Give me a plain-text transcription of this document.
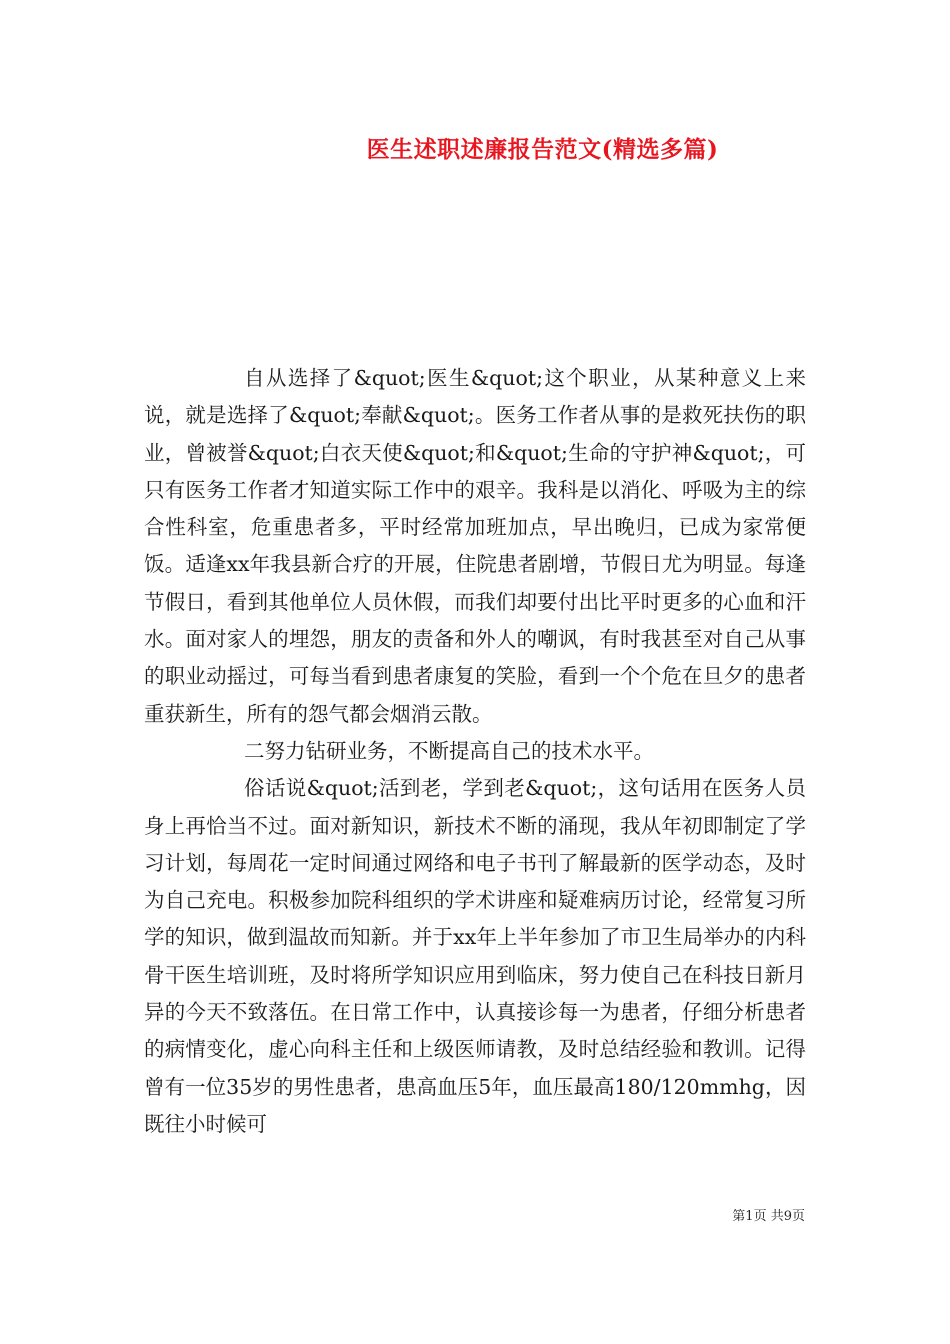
医生述职述廉报告范文(精选多篇)

自从选择了&quot;医生&quot;这个职业，从某种意义上来说，就是选择了&quot;奉献&quot;。医务工作者从事的是救死扶伤的职业，曾被誉&quot;白衣天使&quot;和&quot;生命的守护神&quot;，可只有医务工作者才知道实际工作中的艰辛。我科是以消化、呼吸为主的综合性科室，危重患者多，平时经常加班加点，早出晚归，已成为家常便饭。适逢xx年我县新合疗的开展，住院患者剧增，节假日尤为明显。每逢节假日，看到其他单位人员休假，而我们却要付出比平时更多的心血和汗水。面对家人的埋怨，朋友的责备和外人的嘲讽，有时我甚至对自己从事的职业动摇过，可每当看到患者康复的笑脸，看到一个个危在旦夕的患者重获新生，所有的怨气都会烟消云散。

二努力钻研业务，不断提高自己的技术水平。

俗话说&quot;活到老，学到老&quot;，这句话用在医务人员身上再恰当不过。面对新知识，新技术不断的涌现，我从年初即制定了学习计划，每周花一定时间通过网络和电子书刊了解最新的医学动态，及时为自己充电。积极参加院科组织的学术讲座和疑难病历讨论，经常复习所学的知识，做到温故而知新。并于xx年上半年参加了市卫生局举办的内科骨干医生培训班，及时将所学知识应用到临床，努力使自己在科技日新月异的今天不致落伍。在日常工作中，认真接诊每一为患者，仔细分析患者的病情变化，虚心向科主任和上级医师请教，及时总结经验和教训。记得曾有一位35岁的男性患者，患高血压5年，血压最高180/120mmhg，因既往小时候可

第1页 共9页
